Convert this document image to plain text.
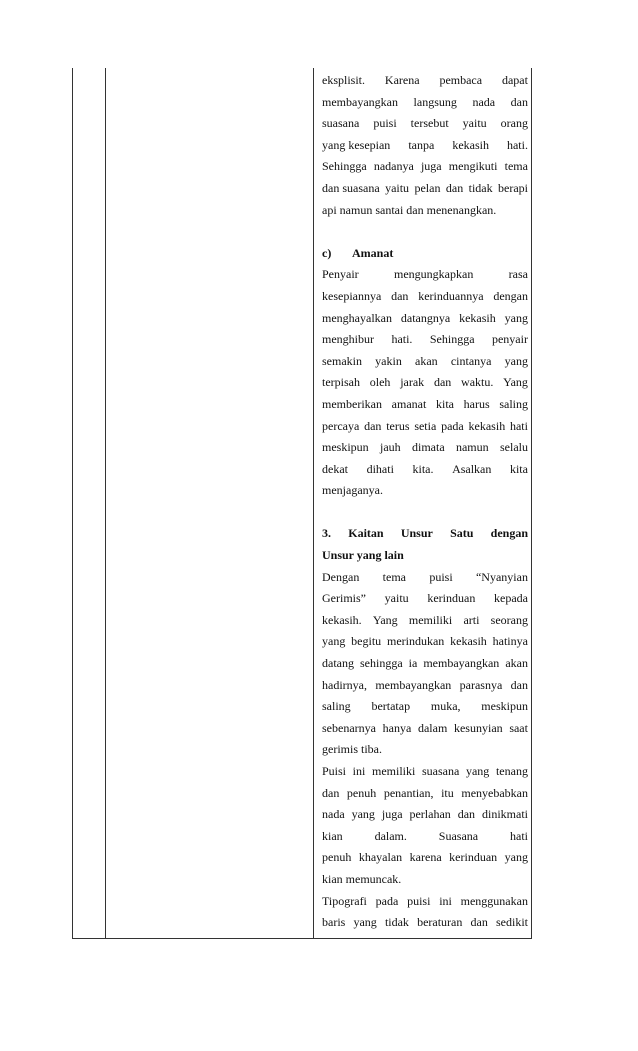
eksplisit. Karena pembaca dapat
membayangkan langsung nada dan
suasana puisi tersebut yaitu orang
yang kesepian tanpa kekasih hati.
Sehingga nadanya juga mengikuti tema
dan suasana yaitu pelan dan tidak berapi
api namun santai dan menenangkan.
c)	Amanat
Penyair	mengungkapkan	rasa
kesepiannya dan kerinduannya dengan
menghayalkan datangnya kekasih yang
menghibur hati. Sehingga penyair
semakin yakin akan cintanya yang
terpisah oleh jarak dan waktu. Yang
memberikan amanat kita harus saling
percaya dan terus setia pada kekasih hati
meskipun jauh dimata namun selalu
dekat dihati kita. Asalkan kita
menjaganya.
3. Kaitan Unsur Satu dengan
Unsur yang lain
Dengan tema puisi “Nyanyian
Gerimis” yaitu kerinduan kepada
kekasih. Yang memiliki arti seorang
yang begitu merindukan kekasih hatinya
datang sehingga ia membayangkan akan
hadirnya, membayangkan parasnya dan
saling bertatap muka, meskipun
sebenarnya hanya dalam kesunyian saat
gerimis tiba.
Puisi ini memiliki suasana yang tenang
dan penuh penantian, itu menyebabkan
nada yang juga perlahan dan dinikmati
kian	dalam.	Suasana	hati
penuh khayalan karena kerinduan yang
kian memuncak.
Tipografi pada puisi ini menggunakan
baris yang tidak beraturan dan sedikit
